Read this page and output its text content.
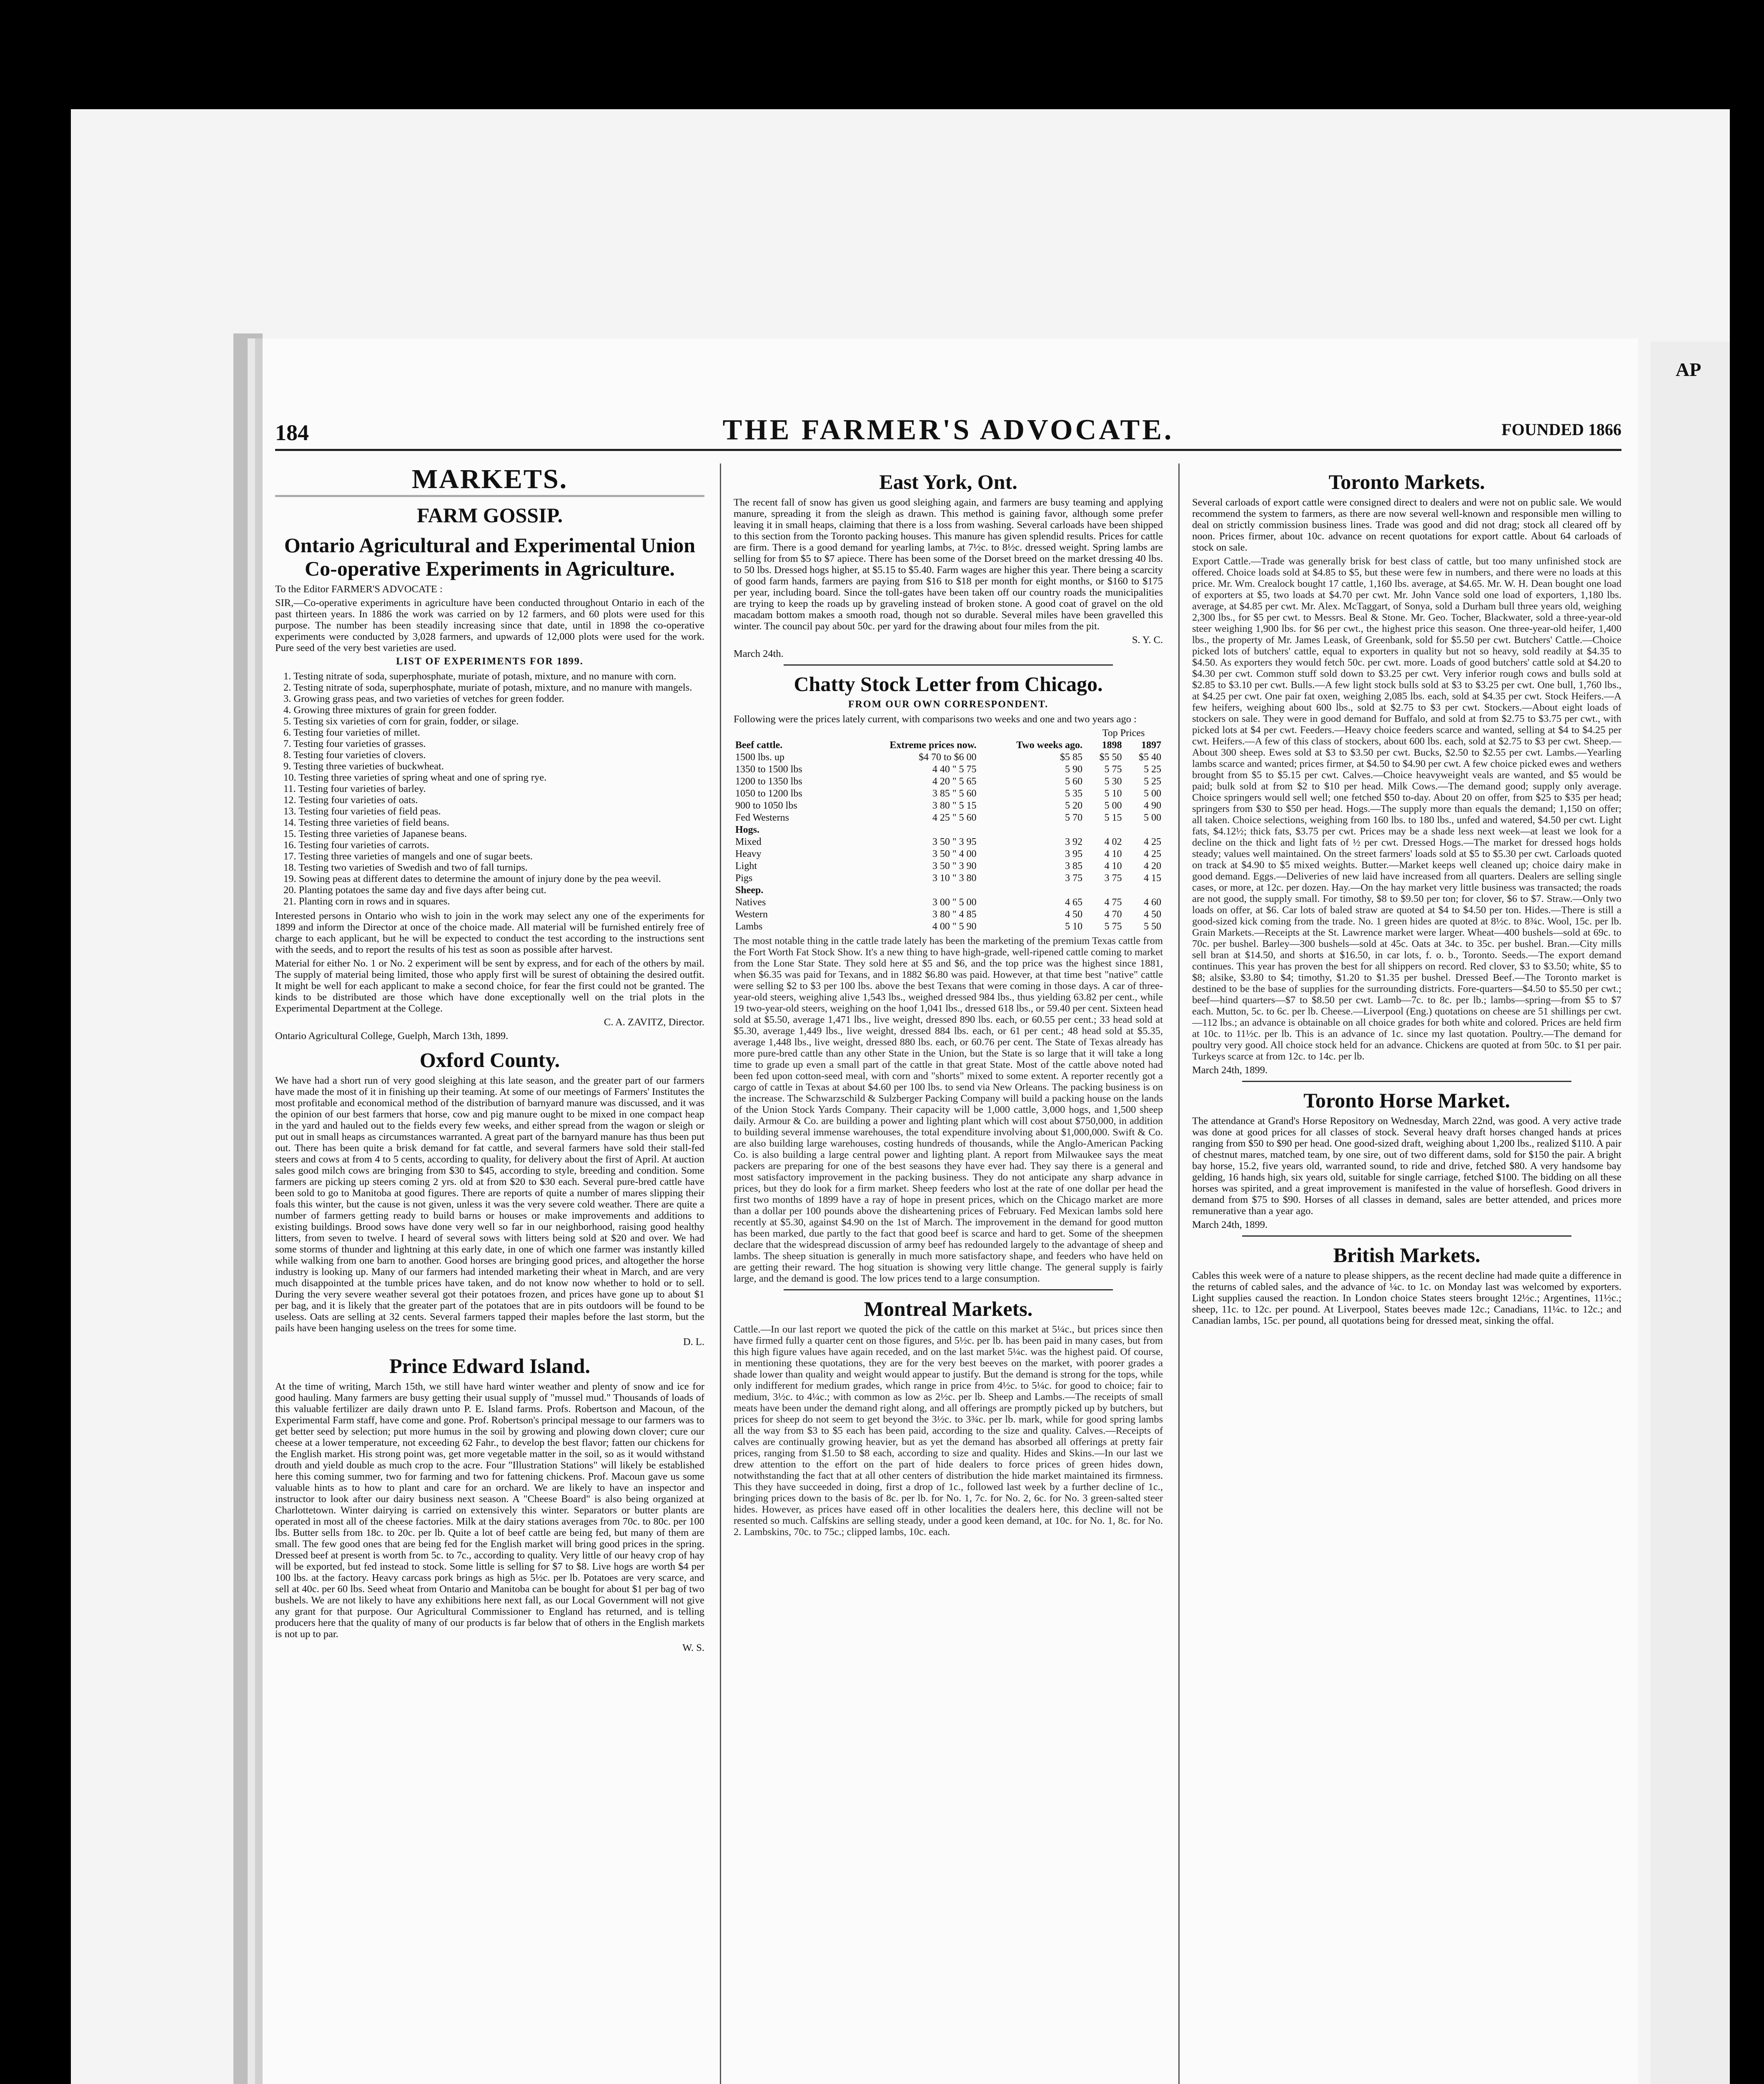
AP
184	THE FARMER'S ADVOCATE.	FOUNDED 1866
MARKETS.
FARM GOSSIP.
Ontario Agricultural and Experimental Union Co-operative Experiments in Agriculture.

To the Editor FARMER'S ADVOCATE :

SIR,—Co-operative experiments in agriculture have been conducted throughout Ontario in each of the past thirteen years. In 1886 the work was carried on by 12 farmers, and 60 plots were used for this purpose. The number has been steadily increasing since that date, until in 1898 the co-operative experiments were conducted by 3,028 farmers, and upwards of 12,000 plots were used for the work. Pure seed of the very best varieties are used.

LIST OF EXPERIMENTS FOR 1899.
1. Testing nitrate of soda, superphosphate, muriate of potash, mixture, and no manure with corn.
2. Testing nitrate of soda, superphosphate, muriate of potash, mixture, and no manure with mangels.
3. Growing grass peas, and two varieties of vetches for green fodder.
4. Growing three mixtures of grain for green fodder.
5. Testing six varieties of corn for grain, fodder, or silage.
6. Testing four varieties of millet.
7. Testing four varieties of grasses.
8. Testing four varieties of clovers.
9. Testing three varieties of buckwheat.
10. Testing three varieties of spring wheat and one of spring rye.
11. Testing four varieties of barley.
12. Testing four varieties of oats.
13. Testing four varieties of field peas.
14. Testing three varieties of field beans.
15. Testing three varieties of Japanese beans.
16. Testing four varieties of carrots.
17. Testing three varieties of mangels and one of sugar beets.
18. Testing two varieties of Swedish and two of fall turnips.
19. Sowing peas at different dates to determine the amount of injury done by the pea weevil.
20. Planting potatoes the same day and five days after being cut.
21. Planting corn in rows and in squares.

Interested persons in Ontario who wish to join in the work may select any one of the experiments for 1899 and inform the Director at once of the choice made. All material will be furnished entirely free of charge to each applicant, but he will be expected to conduct the test according to the instructions sent with the seeds, and to report the results of his test as soon as possible after harvest.

Material for either No. 1 or No. 2 experiment will be sent by express, and for each of the others by mail. The supply of material being limited, those who apply first will be surest of obtaining the desired outfit. It might be well for each applicant to make a second choice, for fear the first could not be granted. The kinds to be distributed are those which have done exceptionally well on the trial plots in the Experimental Department at the College.

C. A. ZAVITZ, Director.

Ontario Agricultural College, Guelph, March 13th, 1899.

Oxford County.

We have had a short run of very good sleighing at this late season, and the greater part of our farmers have made the most of it in finishing up their teaming. At some of our meetings of Farmers' Institutes the most profitable and economical method of the distribution of barnyard manure was discussed, and it was the opinion of our best farmers that horse, cow and pig manure ought to be mixed in one compact heap in the yard and hauled out to the fields every few weeks, and either spread from the wagon or sleigh or put out in small heaps as circumstances warranted. A great part of the barnyard manure has thus been put out. There has been quite a brisk demand for fat cattle, and several farmers have sold their stall-fed steers and cows at from 4 to 5 cents, according to quality, for delivery about the first of April. At auction sales good milch cows are bringing from $30 to $45, according to style, breeding and condition. Some farmers are picking up steers coming 2 yrs. old at from $20 to $30 each. Several pure-bred cattle have been sold to go to Manitoba at good figures. There are reports of quite a number of mares slipping their foals this winter, but the cause is not given, unless it was the very severe cold weather. There are quite a number of farmers getting ready to build barns or houses or make improvements and additions to existing buildings. Brood sows have done very well so far in our neighborhood, raising good healthy litters, from seven to twelve. I heard of several sows with litters being sold at $20 and over. We had some storms of thunder and lightning at this early date, in one of which one farmer was instantly killed while walking from one barn to another. Good horses are bringing good prices, and altogether the horse industry is looking up. Many of our farmers had intended marketing their wheat in March, and are very much disappointed at the tumble prices have taken, and do not know now whether to hold or to sell. During the very severe weather several got their potatoes frozen, and prices have gone up to about $1 per bag, and it is likely that the greater part of the potatoes that are in pits outdoors will be found to be useless. Oats are selling at 32 cents. Several farmers tapped their maples before the last storm, but the pails have been hanging useless on the trees for some time.

D. L.

Prince Edward Island.

At the time of writing, March 15th, we still have hard winter weather and plenty of snow and ice for good hauling. Many farmers are busy getting their usual supply of "mussel mud." Thousands of loads of this valuable fertilizer are daily drawn unto P. E. Island farms. Profs. Robertson and Macoun, of the Experimental Farm staff, have come and gone. Prof. Robertson's principal message to our farmers was to get better seed by selection; put more humus in the soil by growing and plowing down clover; cure our cheese at a lower temperature, not exceeding 62 Fahr., to develop the best flavor; fatten our chickens for the English market. His strong point was, get more vegetable matter in the soil, so as it would withstand drouth and yield double as much crop to the acre. Four "Illustration Stations" will likely be established here this coming summer, two for farming and two for fattening chickens. Prof. Macoun gave us some valuable hints as to how to plant and care for an orchard. We are likely to have an inspector and instructor to look after our dairy business next season. A "Cheese Board" is also being organized at Charlottetown. Winter dairying is carried on extensively this winter. Separators or butter plants are operated in most all of the cheese factories. Milk at the dairy stations averages from 70c. to 80c. per 100 lbs. Butter sells from 18c. to 20c. per lb. Quite a lot of beef cattle are being fed, but many of them are small. The few good ones that are being fed for the English market will bring good prices in the spring. Dressed beef at present is worth from 5c. to 7c., according to quality. Very little of our heavy crop of hay will be exported, but fed instead to stock. Some little is selling for $7 to $8. Live hogs are worth $4 per 100 lbs. at the factory. Heavy carcass pork brings as high as 5½c. per lb. Potatoes are very scarce, and sell at 40c. per 60 lbs. Seed wheat from Ontario and Manitoba can be bought for about $1 per bag of two bushels. We are not likely to have any exhibitions here next fall, as our Local Government will not give any grant for that purpose. Our Agricultural Commissioner to England has returned, and is telling producers here that the quality of many of our products is far below that of others in the English markets is not up to par.

W. S.

East York, Ont.

The recent fall of snow has given us good sleighing again, and farmers are busy teaming and applying manure, spreading it from the sleigh as drawn. This method is gaining favor, although some prefer leaving it in small heaps, claiming that there is a loss from washing. Several carloads have been shipped to this section from the Toronto packing houses. This manure has given splendid results. Prices for cattle are firm. There is a good demand for yearling lambs, at 7½c. to 8½c. dressed weight. Spring lambs are selling for from $5 to $7 apiece. There has been some of the Dorset breed on the market dressing 40 lbs. to 50 lbs. Dressed hogs higher, at $5.15 to $5.40. Farm wages are higher this year. There being a scarcity of good farm hands, farmers are paying from $16 to $18 per month for eight months, or $160 to $175 per year, including board. Since the toll-gates have been taken off our country roads the municipalities are trying to keep the roads up by graveling instead of broken stone. A good coat of gravel on the old macadam bottom makes a smooth road, though not so durable. Several miles have been gravelled this winter. The council pay about 50c. per yard for the drawing about four miles from the pit.

S. Y. C.

March 24th.

Chatty Stock Letter from Chicago.
FROM OUR OWN CORRESPONDENT.

Following were the prices lately current, with comparisons two weeks and one and two years ago :

			Top Prices	
Beef cattle.	Extreme prices now.	Two weeks ago.	1898	1897
1500 lbs. up	$4 70 to $6 00	$5 85	$5 50	$5 40
1350 to 1500 lbs	4 40 " 5 75	5 90	5 75	5 25
1200 to 1350 lbs	4 20 " 5 65	5 60	5 30	5 25
1050 to 1200 lbs	3 85 " 5 60	5 35	5 10	5 00
900 to 1050 lbs	3 80 " 5 15	5 20	5 00	4 90
Fed Westerns	4 25 " 5 60	5 70	5 15	5 00
Hogs.				
Mixed	3 50 " 3 95	3 92	4 02	4 25
Heavy	3 50 " 4 00	3 95	4 10	4 25
Light	3 50 " 3 90	3 85	4 10	4 20
Pigs	3 10 " 3 80	3 75	3 75	4 15
Sheep.				
Natives	3 00 " 5 00	4 65	4 75	4 60
Western	3 80 " 4 85	4 50	4 70	4 50
Lambs	4 00 " 5 90	5 10	5 75	5 50

The most notable thing in the cattle trade lately has been the marketing of the premium Texas cattle from the Fort Worth Fat Stock Show. It's a new thing to have high-grade, well-ripened cattle coming to market from the Lone Star State. They sold here at $5 and $6, and the top price was the highest since 1881, when $6.35 was paid for Texans, and in 1882 $6.80 was paid. However, at that time best "native" cattle were selling $2 to $3 per 100 lbs. above the best Texans that were coming in those days. A car of three-year-old steers, weighing alive 1,543 lbs., weighed dressed 984 lbs., thus yielding 63.82 per cent., while 19 two-year-old steers, weighing on the hoof 1,041 lbs., dressed 618 lbs., or 59.40 per cent. Sixteen head sold at $5.50, average 1,471 lbs., live weight, dressed 890 lbs. each, or 60.55 per cent.; 33 head sold at $5.30, average 1,449 lbs., live weight, dressed 884 lbs. each, or 61 per cent.; 48 head sold at $5.35, average 1,448 lbs., live weight, dressed 880 lbs. each, or 60.76 per cent. The State of Texas already has more pure-bred cattle than any other State in the Union, but the State is so large that it will take a long time to grade up even a small part of the cattle in that great State. Most of the cattle above noted had been fed upon cotton-seed meal, with corn and "shorts" mixed to some extent. A reporter recently got a cargo of cattle in Texas at about $4.60 per 100 lbs. to send via New Orleans. The packing business is on the increase. The Schwarzschild & Sulzberger Packing Company will build a packing house on the lands of the Union Stock Yards Company. Their capacity will be 1,000 cattle, 3,000 hogs, and 1,500 sheep daily. Armour & Co. are building a power and lighting plant which will cost about $750,000, in addition to building several immense warehouses, the total expenditure involving about $1,000,000. Swift & Co. are also building large warehouses, costing hundreds of thousands, while the Anglo-American Packing Co. is also building a large central power and lighting plant. A report from Milwaukee says the meat packers are preparing for one of the best seasons they have ever had. They say there is a general and most satisfactory improvement in the packing business. They do not anticipate any sharp advance in prices, but they do look for a firm market. Sheep feeders who lost at the rate of one dollar per head the first two months of 1899 have a ray of hope in present prices, which on the Chicago market are more than a dollar per 100 pounds above the disheartening prices of February. Fed Mexican lambs sold here recently at $5.30, against $4.90 on the 1st of March. The improvement in the demand for good mutton has been marked, due partly to the fact that good beef is scarce and hard to get. Some of the sheepmen declare that the widespread discussion of army beef has redounded largely to the advantage of sheep and lambs. The sheep situation is generally in much more satisfactory shape, and feeders who have held on are getting their reward. The hog situation is showing very little change. The general supply is fairly large, and the demand is good. The low prices tend to a large consumption.

Montreal Markets.

Cattle.—In our last report we quoted the pick of the cattle on this market at 5¼c., but prices since then have firmed fully a quarter cent on those figures, and 5½c. per lb. has been paid in many cases, but from this high figure values have again receded, and on the last market 5¼c. was the highest paid. Of course, in mentioning these quotations, they are for the very best beeves on the market, with poorer grades a shade lower than quality and weight would appear to justify. But the demand is strong for the tops, while only indifferent for medium grades, which range in price from 4½c. to 5¼c. for good to choice; fair to medium, 3½c. to 4¼c.; with common as low as 2½c. per lb. Sheep and Lambs.—The receipts of small meats have been under the demand right along, and all offerings are promptly picked up by butchers, but prices for sheep do not seem to get beyond the 3½c. to 3¾c. per lb. mark, while for good spring lambs all the way from $3 to $5 each has been paid, according to the size and quality. Calves.—Receipts of calves are continually growing heavier, but as yet the demand has absorbed all offerings at pretty fair prices, ranging from $1.50 to $8 each, according to size and quality. Hides and Skins.—In our last we drew attention to the effort on the part of hide dealers to force prices of green hides down, notwithstanding the fact that at all other centers of distribution the hide market maintained its firmness. This they have succeeded in doing, first a drop of 1c., followed last week by a further decline of 1c., bringing prices down to the basis of 8c. per lb. for No. 1, 7c. for No. 2, 6c. for No. 3 green-salted steer hides. However, as prices have eased off in other localities the dealers here, this decline will not be resented so much. Calfskins are selling steady, under a good keen demand, at 10c. for No. 1, 8c. for No. 2. Lambskins, 70c. to 75c.; clipped lambs, 10c. each.

Toronto Markets.

Several carloads of export cattle were consigned direct to dealers and were not on public sale. We would recommend the system to farmers, as there are now several well-known and responsible men willing to deal on strictly commission business lines. Trade was good and did not drag; stock all cleared off by noon. Prices firmer, about 10c. advance on recent quotations for export cattle. About 64 carloads of stock on sale.

Export Cattle.—Trade was generally brisk for best class of cattle, but too many unfinished stock are offered. Choice loads sold at $4.85 to $5, but these were few in numbers, and there were no loads at this price. Mr. Wm. Crealock bought 17 cattle, 1,160 lbs. average, at $4.65. Mr. W. H. Dean bought one load of exporters at $5, two loads at $4.70 per cwt. Mr. John Vance sold one load of exporters, 1,180 lbs. average, at $4.85 per cwt. Mr. Alex. McTaggart, of Sonya, sold a Durham bull three years old, weighing 2,300 lbs., for $5 per cwt. to Messrs. Beal & Stone. Mr. Geo. Tocher, Blackwater, sold a three-year-old steer weighing 1,900 lbs. for $6 per cwt., the highest price this season. One three-year-old heifer, 1,400 lbs., the property of Mr. James Leask, of Greenbank, sold for $5.50 per cwt. Butchers' Cattle.—Choice picked lots of butchers' cattle, equal to exporters in quality but not so heavy, sold readily at $4.35 to $4.50. As exporters they would fetch 50c. per cwt. more. Loads of good butchers' cattle sold at $4.20 to $4.30 per cwt. Common stuff sold down to $3.25 per cwt. Very inferior rough cows and bulls sold at $2.85 to $3.10 per cwt. Bulls.—A few light stock bulls sold at $3 to $3.25 per cwt. One bull, 1,760 lbs., at $4.25 per cwt. One pair fat oxen, weighing 2,085 lbs. each, sold at $4.35 per cwt. Stock Heifers.—A few heifers, weighing about 600 lbs., sold at $2.75 to $3 per cwt. Stockers.—About eight loads of stockers on sale. They were in good demand for Buffalo, and sold at from $2.75 to $3.75 per cwt., with picked lots at $4 per cwt. Feeders.—Heavy choice feeders scarce and wanted, selling at $4 to $4.25 per cwt. Heifers.—A few of this class of stockers, about 600 lbs. each, sold at $2.75 to $3 per cwt. Sheep.—About 300 sheep. Ewes sold at $3 to $3.50 per cwt. Bucks, $2.50 to $2.55 per cwt. Lambs.—Yearling lambs scarce and wanted; prices firmer, at $4.50 to $4.90 per cwt. A few choice picked ewes and wethers brought from $5 to $5.15 per cwt. Calves.—Choice heavyweight veals are wanted, and $5 would be paid; bulk sold at from $2 to $10 per head. Milk Cows.—The demand good; supply only average. Choice springers would sell well; one fetched $50 to-day. About 20 on offer, from $25 to $35 per head; springers from $30 to $50 per head. Hogs.—The supply more than equals the demand; 1,150 on offer; all taken. Choice selections, weighing from 160 lbs. to 180 lbs., unfed and watered, $4.50 per cwt. Light fats, $4.12½; thick fats, $3.75 per cwt. Prices may be a shade less next week—at least we look for a decline on the thick and light fats of ½ per cwt. Dressed Hogs.—The market for dressed hogs holds steady; values well maintained. On the street farmers' loads sold at $5 to $5.30 per cwt. Carloads quoted on track at $4.90 to $5 mixed weights. Butter.—Market keeps well cleaned up; choice dairy make in good demand. Eggs.—Deliveries of new laid have increased from all quarters. Dealers are selling single cases, or more, at 12c. per dozen. Hay.—On the hay market very little business was transacted; the roads are not good, the supply small. For timothy, $8 to $9.50 per ton; for clover, $6 to $7. Straw.—Only two loads on offer, at $6. Car lots of baled straw are quoted at $4 to $4.50 per ton. Hides.—There is still a good-sized kick coming from the trade. No. 1 green hides are quoted at 8½c. to 8¾c. Wool, 15c. per lb. Grain Markets.—Receipts at the St. Lawrence market were larger. Wheat—400 bushels—sold at 69c. to 70c. per bushel. Barley—300 bushels—sold at 45c. Oats at 34c. to 35c. per bushel. Bran.—City mills sell bran at $14.50, and shorts at $16.50, in car lots, f. o. b., Toronto. Seeds.—The export demand continues. This year has proven the best for all shippers on record. Red clover, $3 to $3.50; white, $5 to $8; alsike, $3.80 to $4; timothy, $1.20 to $1.35 per bushel. Dressed Beef.—The Toronto market is destined to be the base of supplies for the surrounding districts. Fore-quarters—$4.50 to $5.50 per cwt.; beef—hind quarters—$7 to $8.50 per cwt. Lamb—7c. to 8c. per lb.; lambs—spring—from $5 to $7 each. Mutton, 5c. to 6c. per lb. Cheese.—Liverpool (Eng.) quotations on cheese are 51 shillings per cwt.—112 lbs.; an advance is obtainable on all choice grades for both white and colored. Prices are held firm at 10c. to 11½c. per lb. This is an advance of 1c. since my last quotation. Poultry.—The demand for poultry very good. All choice stock held for an advance. Chickens are quoted at from 50c. to $1 per pair. Turkeys scarce at from 12c. to 14c. per lb.

March 24th, 1899.

Toronto Horse Market.

The attendance at Grand's Horse Repository on Wednesday, March 22nd, was good. A very active trade was done at good prices for all classes of stock. Several heavy draft horses changed hands at prices ranging from $50 to $90 per head. One good-sized draft, weighing about 1,200 lbs., realized $110. A pair of chestnut mares, matched team, by one sire, out of two different dams, sold for $150 the pair. A bright bay horse, 15.2, five years old, warranted sound, to ride and drive, fetched $80. A very handsome bay gelding, 16 hands high, six years old, suitable for single carriage, fetched $100. The bidding on all these horses was spirited, and a great improvement is manifested in the value of horseflesh. Good drivers in demand from $75 to $90. Horses of all classes in demand, sales are better attended, and prices more remunerative than a year ago.

March 24th, 1899.

British Markets.

Cables this week were of a nature to please shippers, as the recent decline had made quite a difference in the returns of cabled sales, and the advance of ¼c. to 1c. on Monday last was welcomed by exporters. Light supplies caused the reaction. In London choice States steers brought 12½c.; Argentines, 11½c.; sheep, 11c. to 12c. per pound. At Liverpool, States beeves made 12c.; Canadians, 11¼c. to 12c.; and Canadian lambs, 15c. per pound, all quotations being for dressed meat, sinking the offal.
